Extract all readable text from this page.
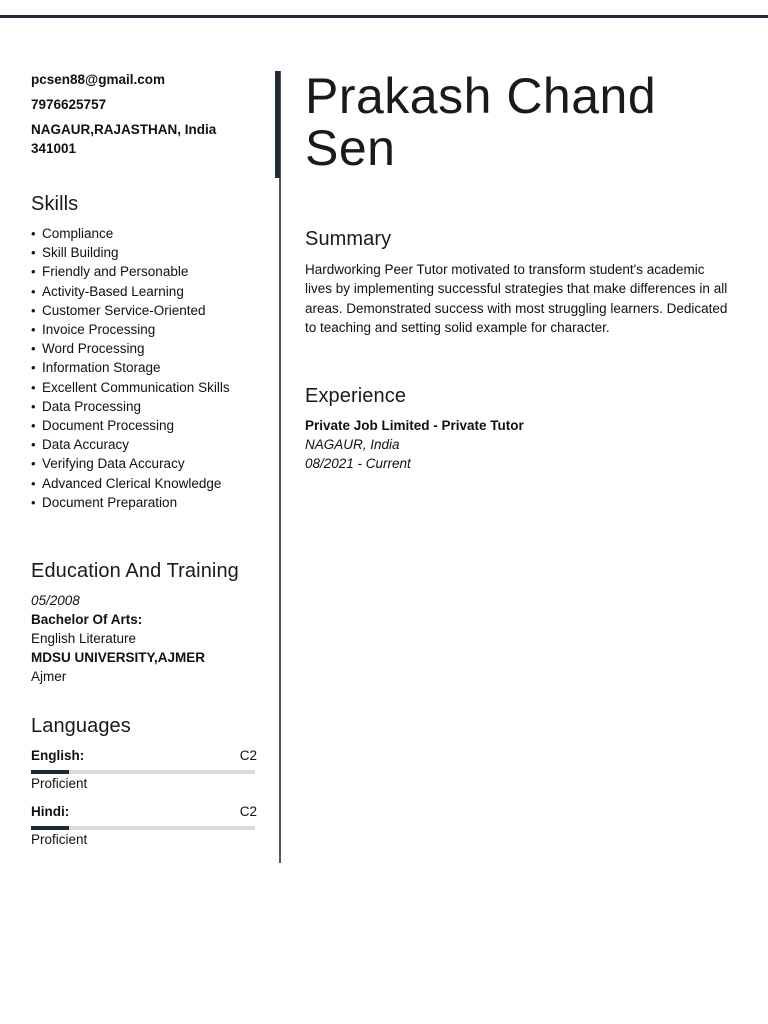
pcsen88@gmail.com
7976625757
NAGAUR,RAJASTHAN, India
341001
Skills
• Compliance
• Skill Building
• Friendly and Personable
• Activity-Based Learning
• Customer Service-Oriented
• Invoice Processing
• Word Processing
• Information Storage
• Excellent Communication Skills
• Data Processing
• Document Processing
• Data Accuracy
• Verifying Data Accuracy
• Advanced Clerical Knowledge
• Document Preparation
Education And Training
05/2008
Bachelor Of Arts:
English Literature
MDSU UNIVERSITY,AJMER
Ajmer
Languages
English:	C2
Proficient
Hindi:	C2
Proficient
Prakash Chand
Sen
Summary
Hardworking Peer Tutor motivated to transform student's academic lives by implementing successful strategies that make differences in all areas. Demonstrated success with most struggling learners. Dedicated to teaching and setting solid example for character.
Experience
Private Job Limited - Private Tutor
NAGAUR, India
08/2021 - Current
